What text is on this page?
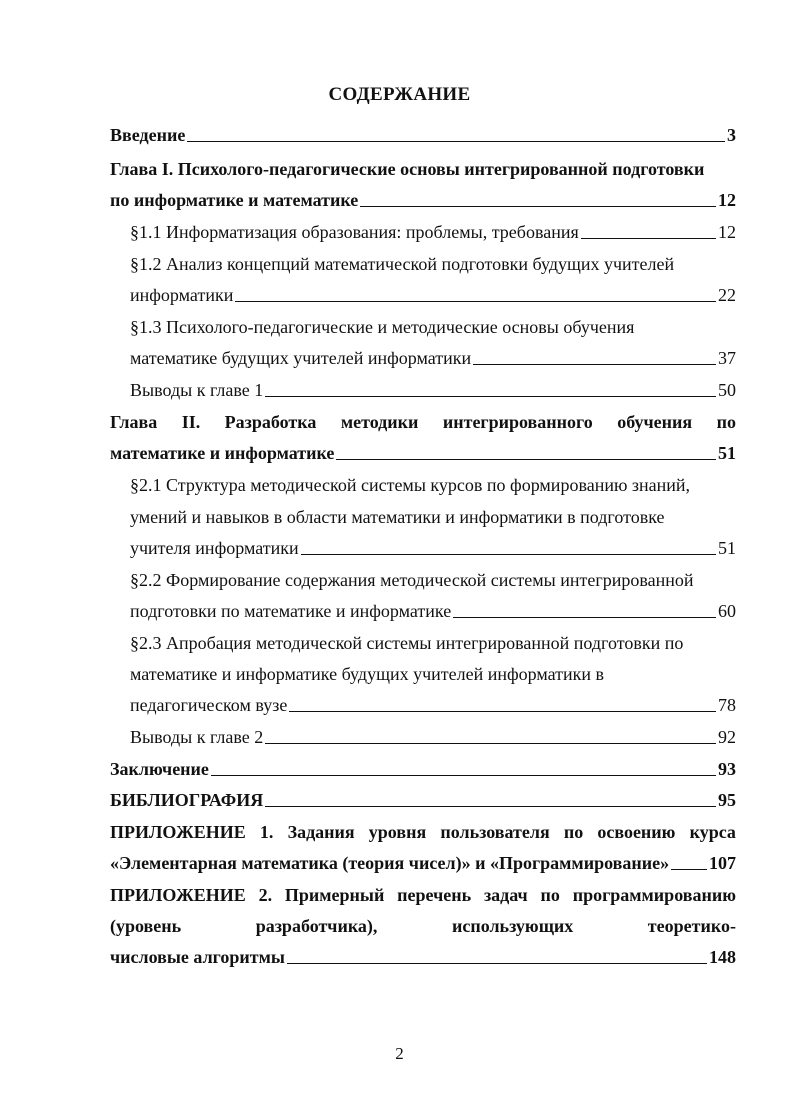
СОДЕРЖАНИЕ
Введение	3
Глава I. Психолого-педагогические основы интегрированной подготовки
по информатике и математике	12
§1.1 Информатизация образования: проблемы, требования	12
§1.2 Анализ концепций математической подготовки будущих учителей
информатики	22
§1.3 Психолого-педагогические и методические основы обучения
математике будущих учителей информатики	37
Выводы к главе 1	50
Глава II. Разработка методики интегрированного обучения по
математике и информатике	51
§2.1 Структура методической системы курсов по формированию знаний,
умений и навыков в области математики и информатики в подготовке
учителя информатики	51
§2.2 Формирование содержания методической системы интегрированной
подготовки по математике и информатике	60
§2.3 Апробация методической системы интегрированной подготовки по
математике и информатике будущих учителей информатики в
педагогическом вузе	78
Выводы к главе 2	92
Заключение	93
БИБЛИОГРАФИЯ	95
ПРИЛОЖЕНИЕ 1. Задания уровня пользователя по освоению курса
«Элементарная математика (теория чисел)» и «Программирование» 107
ПРИЛОЖЕНИЕ 2. Примерный перечень задач по программированию
(уровень	разработчика),	использующих	теоретико-
числовые алгоритмы	148
2
